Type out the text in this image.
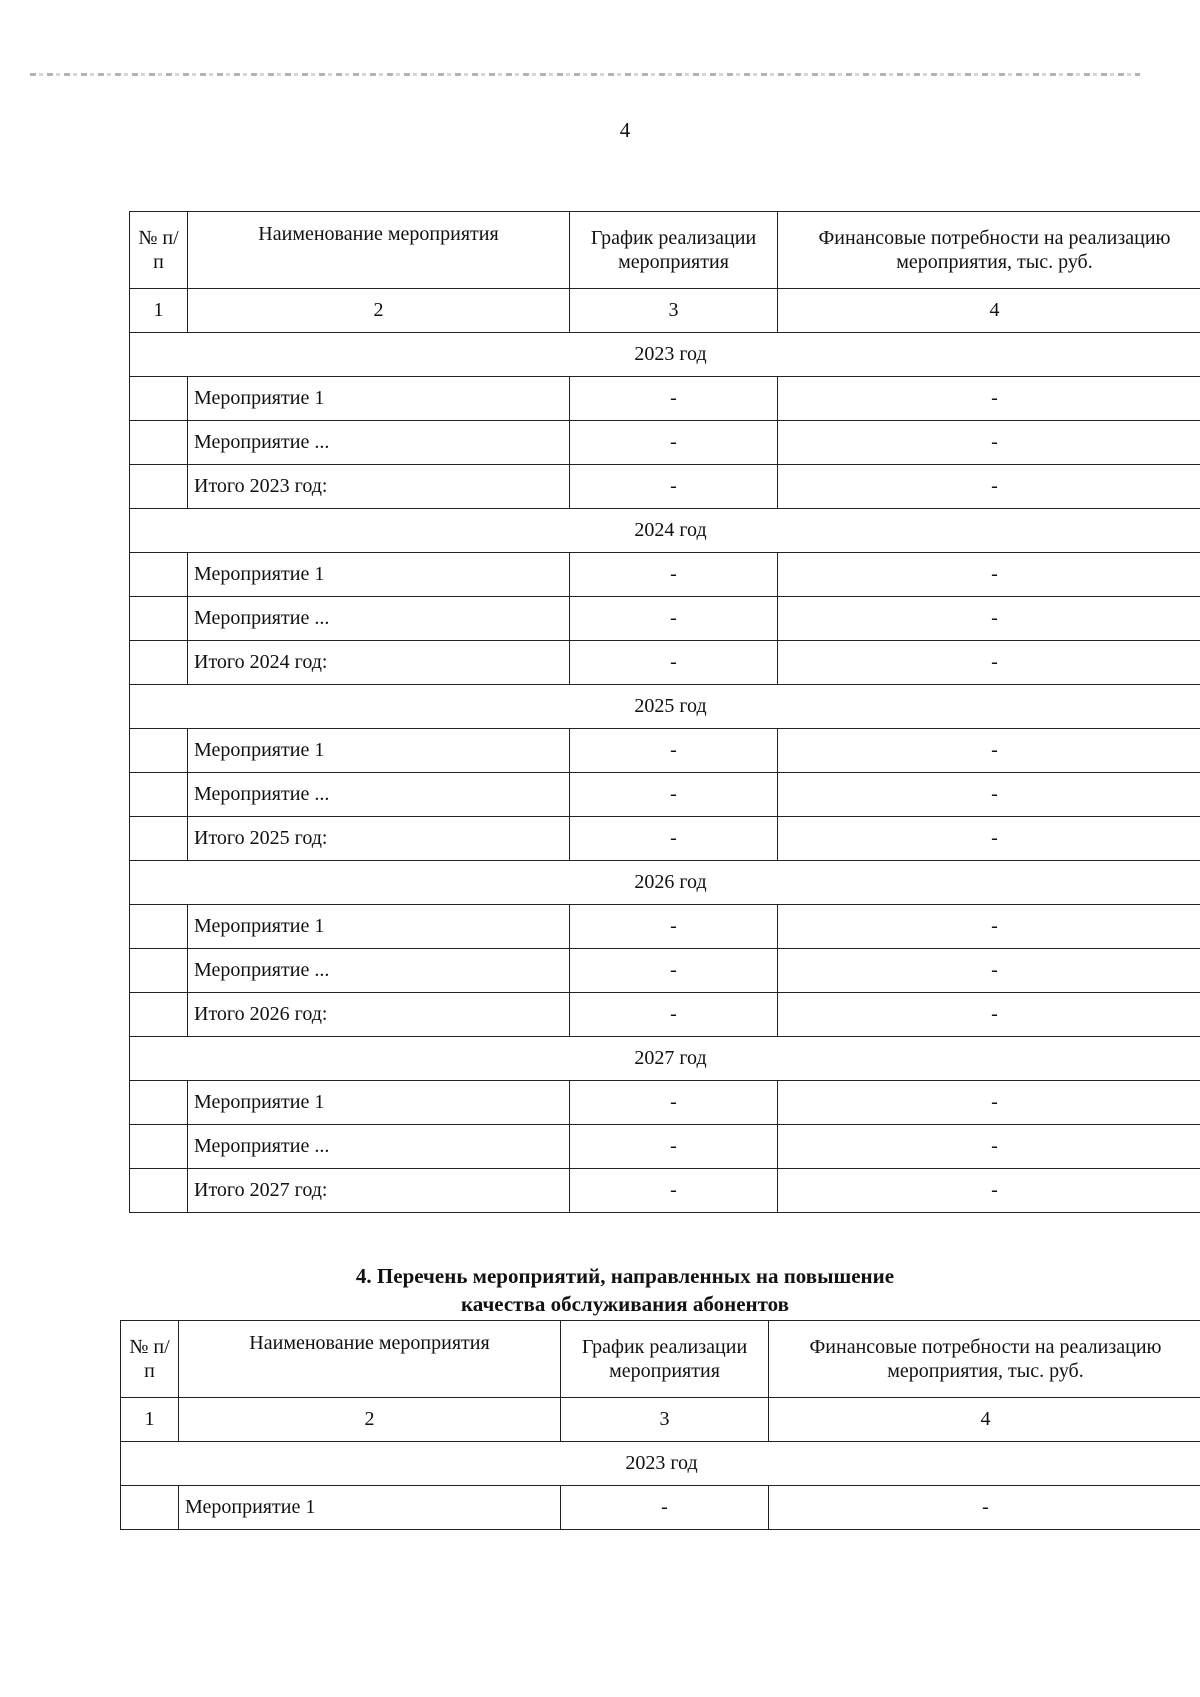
4
№ п/п	Наименование мероприятия	График реализации мероприятия	Финансовые потребности на реализацию мероприятия, тыс. руб.
1	2	3	4
2023 год			
	Мероприятие 1	-	-
	Мероприятие ...	-	-
	Итого 2023 год:	-	-
2024 год			
	Мероприятие 1	-	-
	Мероприятие ...	-	-
	Итого 2024 год:	-	-
2025 год			
	Мероприятие 1	-	-
	Мероприятие ...	-	-
	Итого 2025 год:	-	-
2026 год			
	Мероприятие 1	-	-
	Мероприятие ...	-	-
	Итого 2026 год:	-	-
2027 год			
	Мероприятие 1	-	-
	Мероприятие ...	-	-
	Итого 2027 год:	-	-
4. Перечень мероприятий, направленных на повышение
качества обслуживания абонентов
№ п/п	Наименование мероприятия	График реализации мероприятия	Финансовые потребности на реализацию мероприятия, тыс. руб.
1	2	3	4
2023 год			
	Мероприятие 1	-	-
